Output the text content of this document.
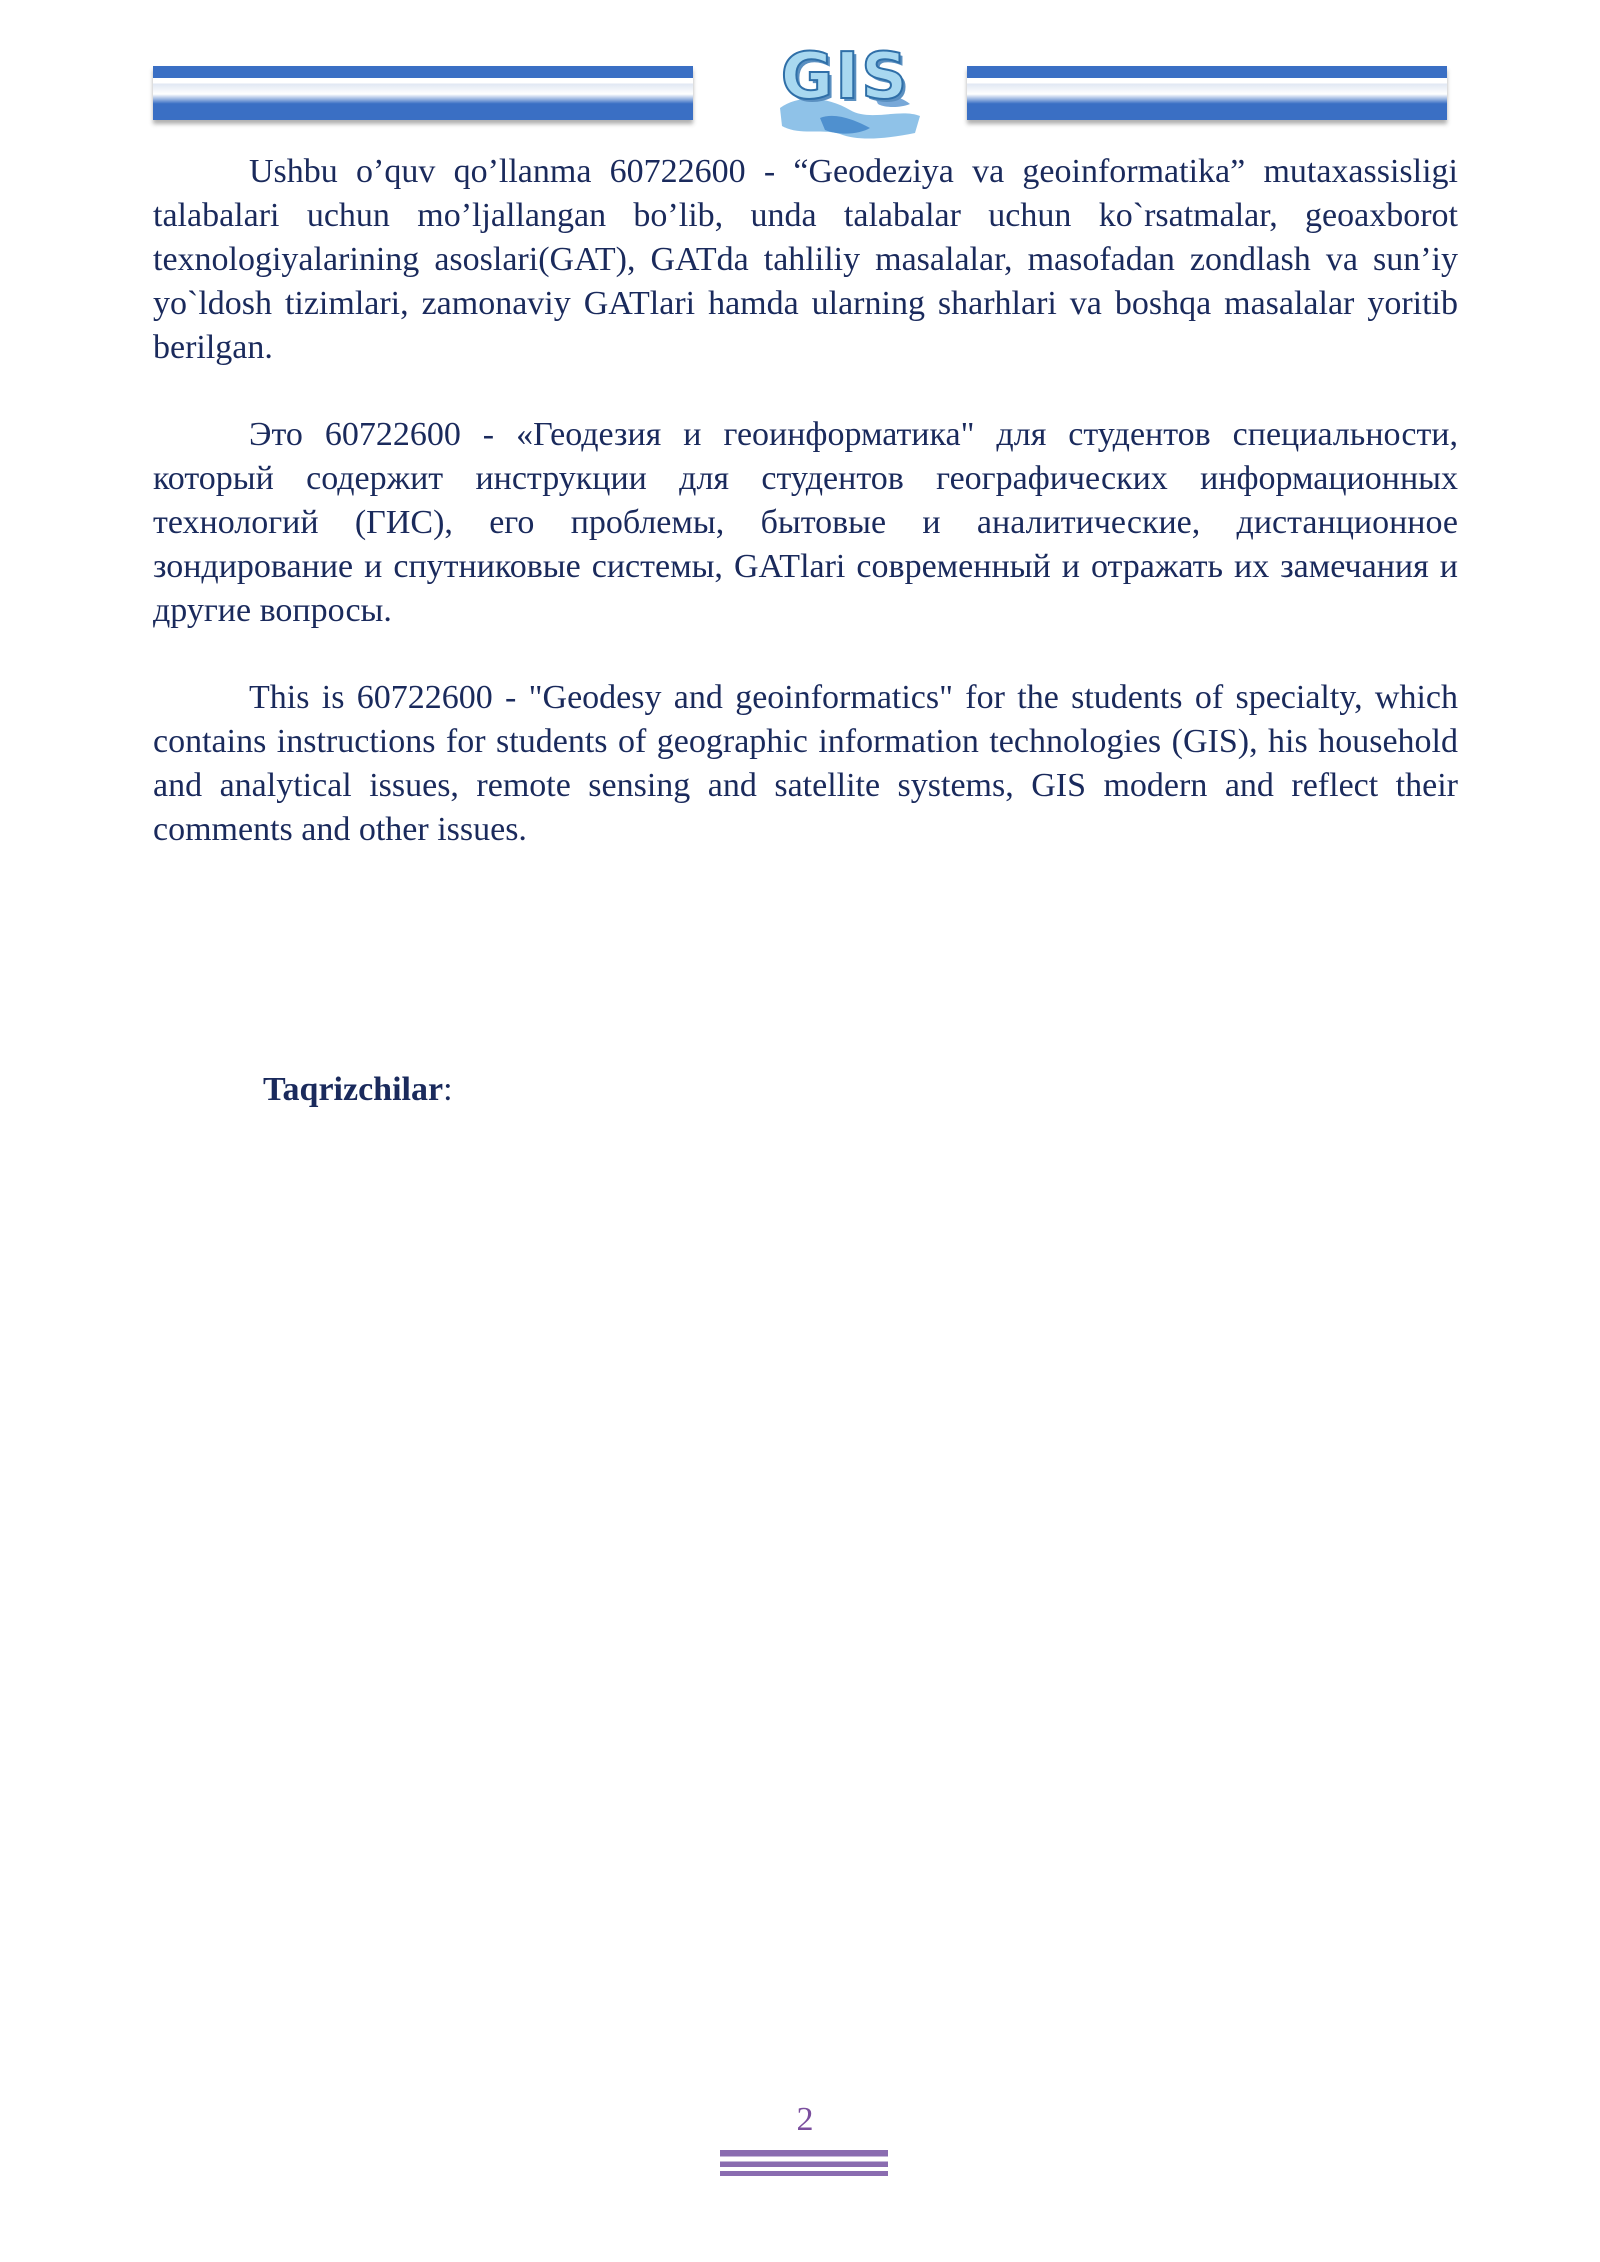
GIS

Ushbu o’quv qo’llanma 60722600 - “Geodeziya va geoinformatika” mutaxassisligi talabalari uchun mo’ljallangan bo’lib, unda talabalar uchun ko`rsatmalar, geoaxborot texnologiyalarining asoslari(GAT), GATda tahliliy masalalar, masofadan zondlash va sun’iy yo`ldosh tizimlari, zamonaviy GATlari hamda ularning sharhlari va boshqa masalalar yoritib berilgan.

Это 60722600 - «Геодезия и геоинформатика" для студентов специальности, который содержит инструкции для студентов географических информационных технологий (ГИС), его проблемы, бытовые и аналитические, дистанционное зондирование и спутниковые системы, GATlari современный и отражать их замечания и другие вопросы.

This is 60722600 - "Geodesy and geoinformatics" for the students of specialty, which contains instructions for students of geographic information technologies (GIS), his household and analytical issues, remote sensing and satellite systems, GIS modern and reflect their comments and other issues.

Taqrizchilar:
2
